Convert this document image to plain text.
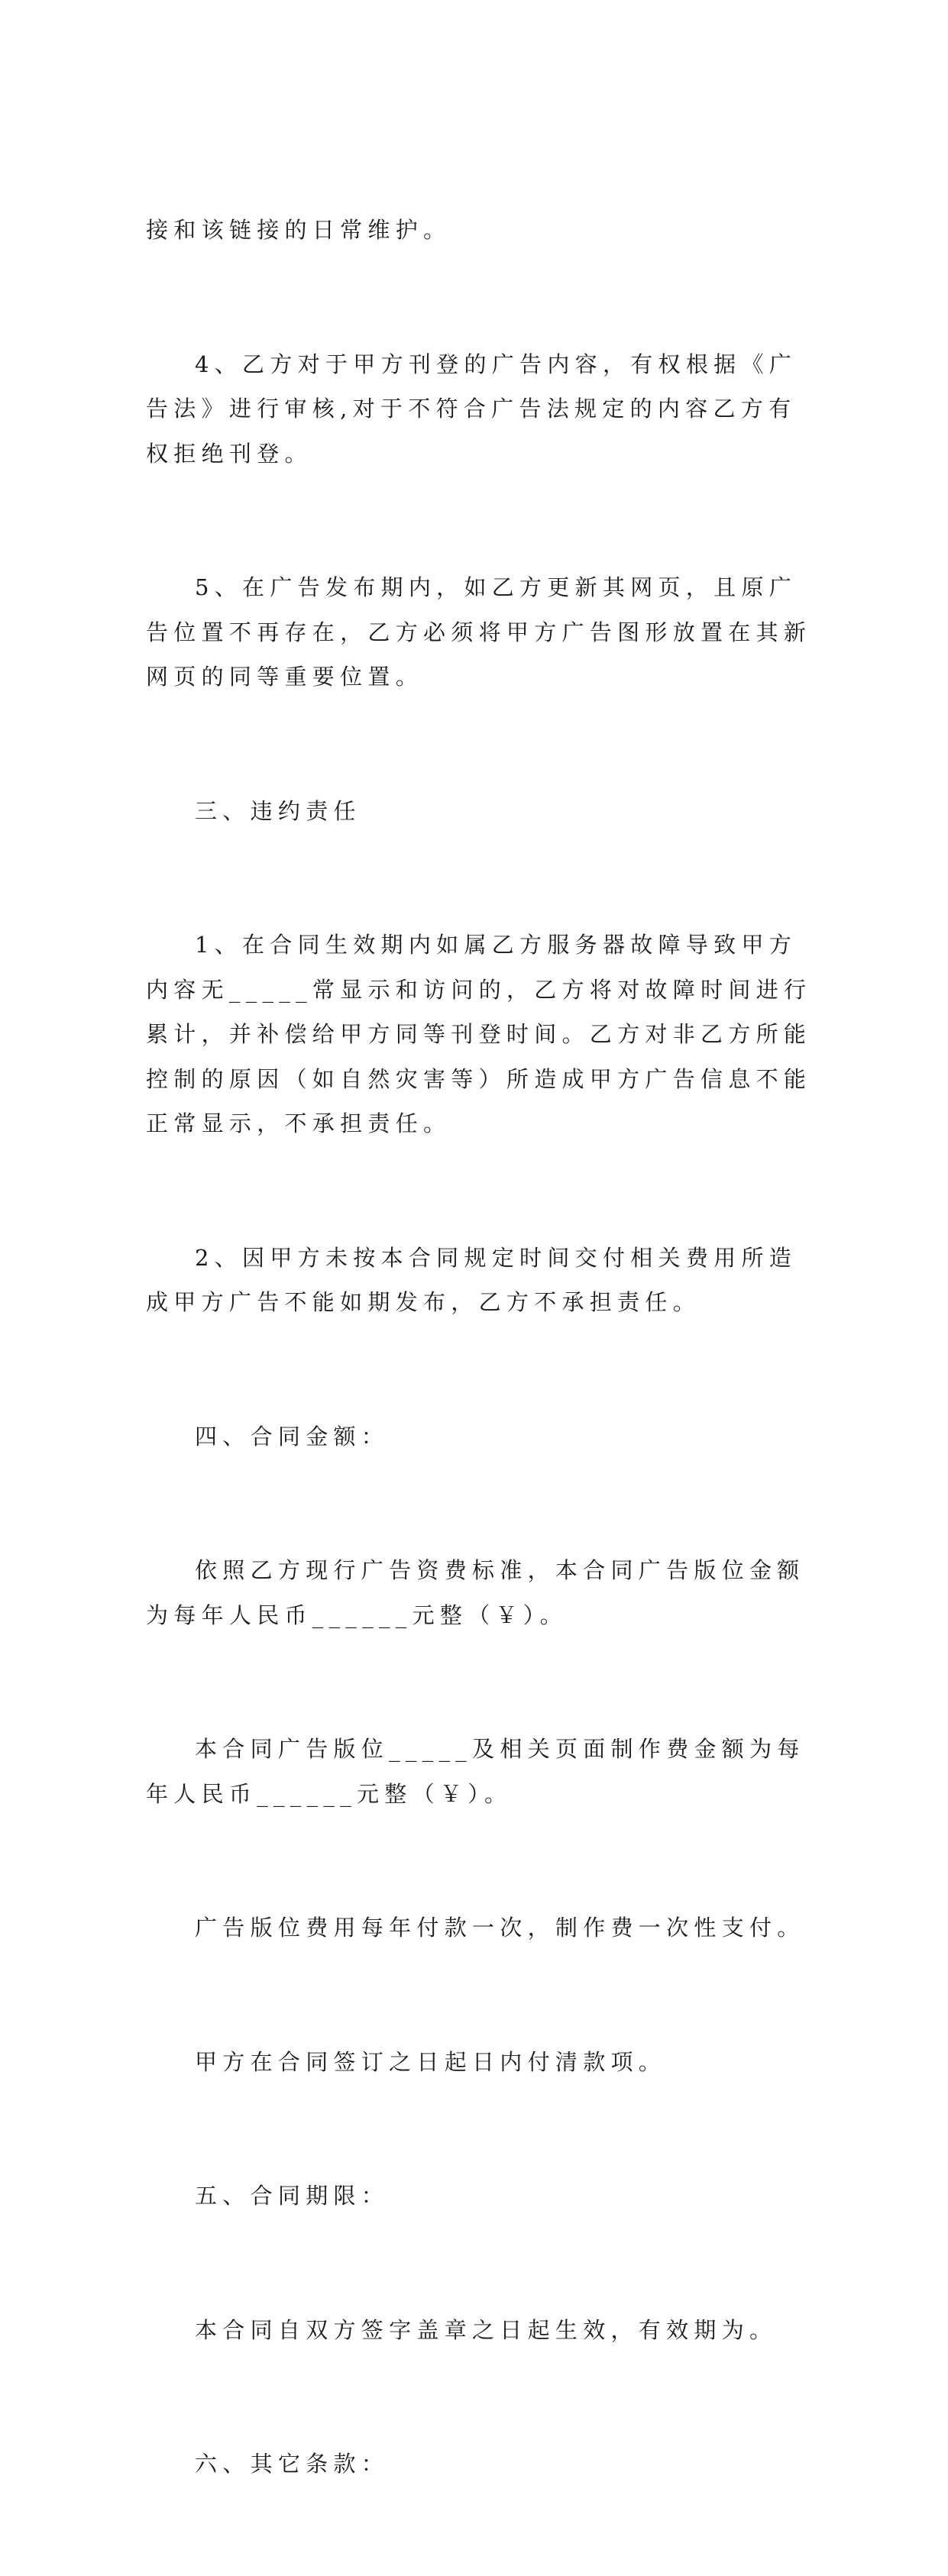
接和该链接的日常维护。

4、乙方对于甲方刊登的广告内容，有权根据《广告法》进行审核,对于不符合广告法规定的内容乙方有权拒绝刊登。

5、在广告发布期内，如乙方更新其网页，且原广告位置不再存在，乙方必须将甲方广告图形放置在其新网页的同等重要位置。

三、违约责任

1、在合同生效期内如属乙方服务器故障导致甲方内容无_____常显示和访问的，乙方将对故障时间进行累计，并补偿给甲方同等刊登时间。乙方对非乙方所能控制的原因（如自然灾害等）所造成甲方广告信息不能正常显示，不承担责任。

2、因甲方未按本合同规定时间交付相关费用所造成甲方广告不能如期发布，乙方不承担责任。

四、合同金额：

依照乙方现行广告资费标准，本合同广告版位金额为每年人民币______元整（￥）。

本合同广告版位_____及相关页面制作费金额为每年人民币______元整（￥）。

广告版位费用每年付款一次，制作费一次性支付。

甲方在合同签订之日起日内付清款项。

五、合同期限：

本合同自双方签字盖章之日起生效，有效期为。

六、其它条款：
